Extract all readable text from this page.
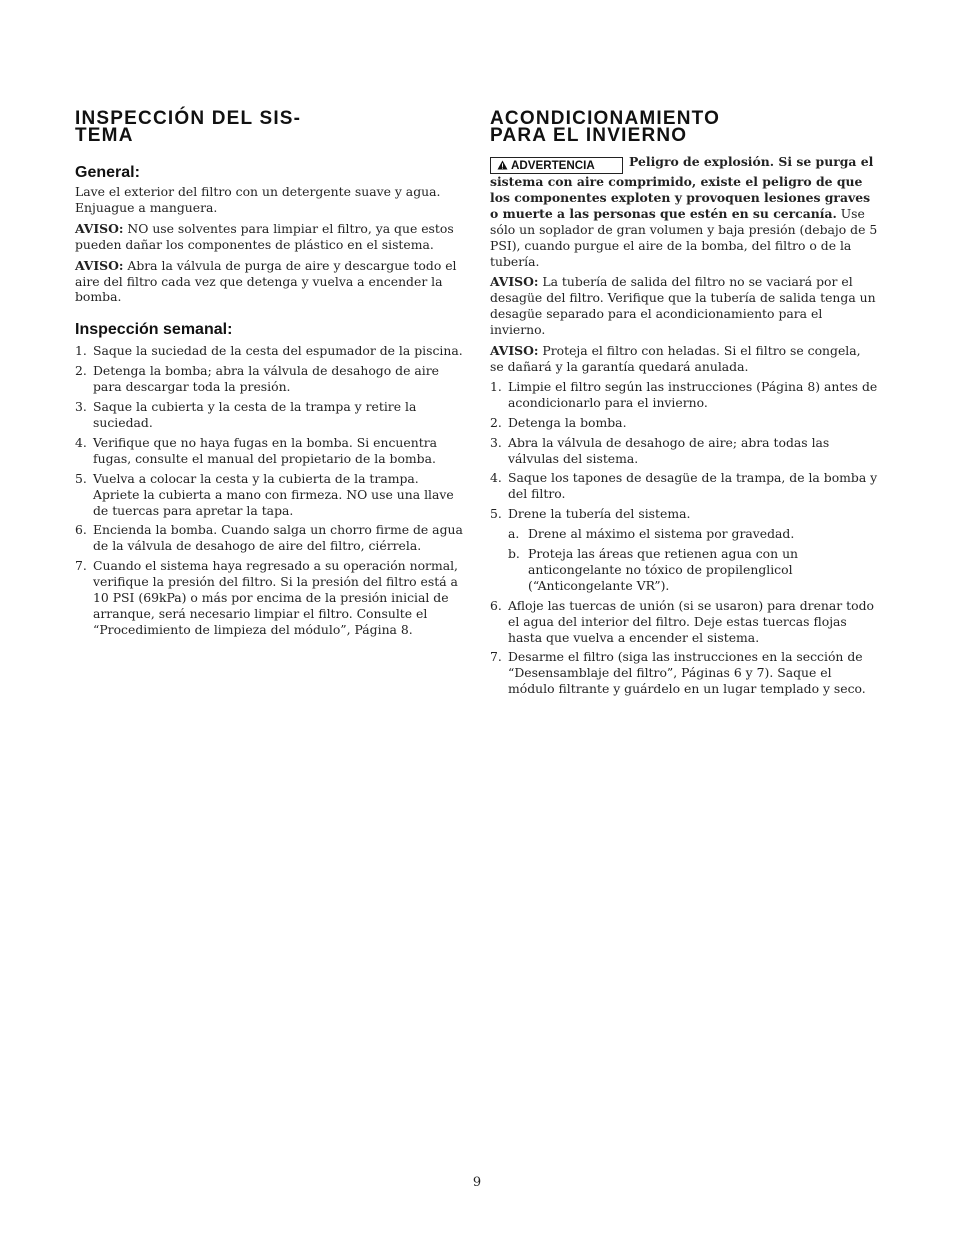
INSPECCIÓN DEL SIS-
TEMA
General:

Lave el exterior del filtro con un detergente suave y agua. Enjuague a manguera.

AVISO: NO use solventes para limpiar el filtro, ya que estos pueden dañar los componentes de plástico en el sistema.

AVISO: Abra la válvula de purga de aire y descargue todo el aire del filtro cada vez que detenga y vuelva a encender la bomba.

Inspección semanal:
1. Saque la suciedad de la cesta del espumador de la piscina.
2. Detenga la bomba; abra la válvula de desahogo de aire para descargar toda la presión.
3. Saque la cubierta y la cesta de la trampa y retire la suciedad.
4. Verifique que no haya fugas en la bomba. Si encuentra fugas, consulte el manual del propietario de la bomba.
5. Vuelva a colocar la cesta y la cubierta de la trampa. Apriete la cubierta a mano con firmeza. NO use una llave de tuercas para apretar la tapa.
6. Encienda la bomba. Cuando salga un chorro firme de agua de la válvula de desahogo de aire del filtro, ciérrela.
7. Cuando el sistema haya regresado a su operación normal, verifique la presión del filtro. Si la presión del filtro está a 10 PSI (69kPa) o más por encima de la presión inicial de arranque, será necesario limpiar el filtro. Consulte el “Procedimiento de limpieza del módulo”, Página 8.
ACONDICIONAMIENTO
PARA EL INVIERNO

ADVERTENCIA	Peligro de explosión. Si se purga el sistema con aire comprimido, existe el peligro de que los componentes exploten y provoquen lesiones graves o muerte a las personas que estén en su cercanía. Use sólo un soplador de gran volumen y baja presión (debajo de 5 PSI), cuando purgue el aire de la bomba, del filtro o de la tubería.

AVISO: La tubería de salida del filtro no se vaciará por el desagüe del filtro. Verifique que la tubería de salida tenga un desagüe separado para el acondicionamiento para el invierno.

AVISO: Proteja el filtro con heladas. Si el filtro se congela, se dañará y la garantía quedará anulada.

1. Limpie el filtro según las instrucciones (Página 8) antes de acondicionarlo para el invierno.
2. Detenga la bomba.
3. Abra la válvula de desahogo de aire; abra todas las válvulas del sistema.
4. Saque los tapones de desagüe de la trampa, de la bomba y del filtro.
5. Drene la tubería del sistema.
a. Drene al máximo el sistema por gravedad.
b. Proteja las áreas que retienen agua con un anticongelante no tóxico de propilenglicol (“Anticongelante VR”).
6. Afloje las tuercas de unión (si se usaron) para drenar todo el agua del interior del filtro. Deje estas tuercas flojas hasta que vuelva a encender el sistema.
7. Desarme el filtro (siga las instrucciones en la sección de “Desensamblaje del filtro”, Páginas 6 y 7). Saque el módulo filtrante y guárdelo en un lugar templado y seco.
9
